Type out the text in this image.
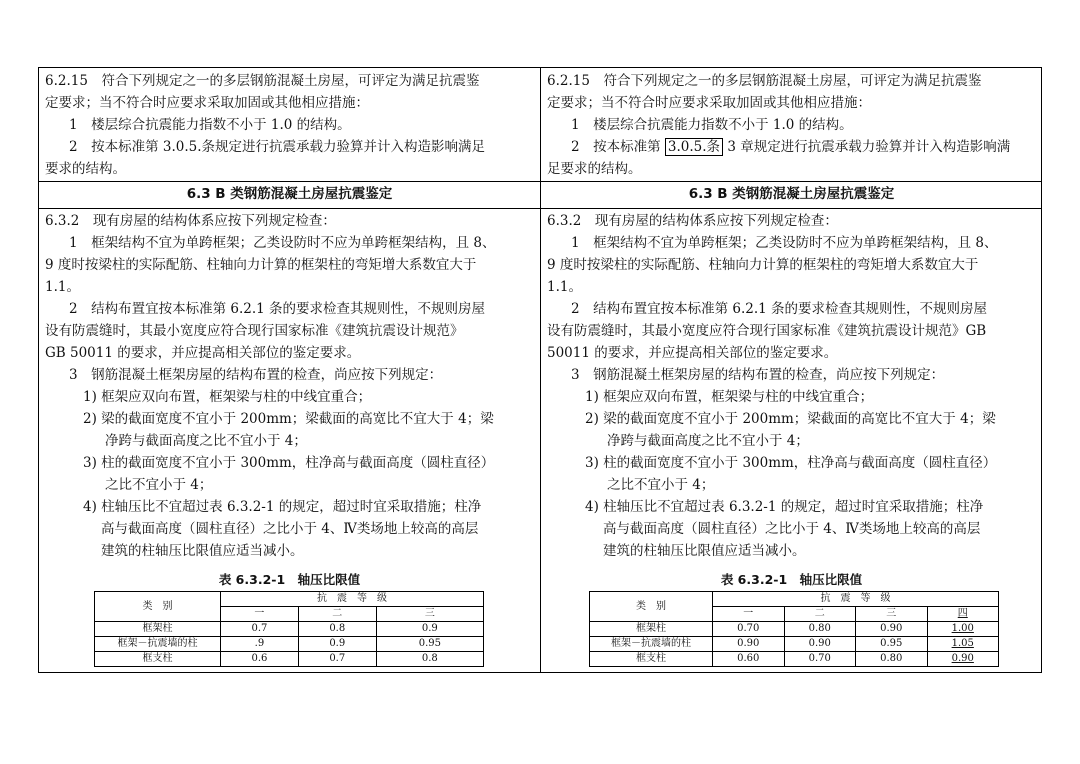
6.2.15　符合下列规定之一的多层钢筋混凝土房屋，可评定为满足抗震鉴
定要求；当不符合时应要求采取加固或其他相应措施：
1　楼层综合抗震能力指数不小于 1.0 的结构。
2　按本标准第 3.0.5.条规定进行抗震承载力验算并计入构造影响满足
要求的结构。
6.3 B 类钢筋混凝土房屋抗震鉴定
6.3.2　现有房屋的结构体系应按下列规定检查：
1　框架结构不宜为单跨框架；乙类设防时不应为单跨框架结构，且 8、
9 度时按梁柱的实际配筋、柱轴向力计算的框架柱的弯矩增大系数宜大于
1.1。
2　结构布置宜按本标准第 6.2.1 条的要求检查其规则性，不规则房屋
设有防震缝时，其最小宽度应符合现行国家标准《建筑抗震设计规范》
GB 50011 的要求，并应提高相关部位的鉴定要求。
3　钢筋混凝土框架房屋的结构布置的检查，尚应按下列规定：
1) 框架应双向布置，框架梁与柱的中线宜重合；
2) 梁的截面宽度不宜小于 200mm；梁截面的高宽比不宜大于 4；梁
净跨与截面高度之比不宜小于 4；
3) 柱的截面宽度不宜小于 300mm，柱净高与截面高度（圆柱直径）
之比不宜小于 4；
4) 柱轴压比不宜超过表 6.3.2-1 的规定，超过时宜采取措施；柱净
高与截面高度（圆柱直径）之比小于 4、Ⅳ类场地上较高的高层
建筑的柱轴压比限值应适当减小。
表 6.3.2-1　轴压比限值
类　别	抗　震　等　级		
	一	二	三
框架柱	0.7	0.8	0.9
框架－抗震墙的柱	.9	0.9	0.95
框支柱	0.6	0.7	0.8
6.2.15　符合下列规定之一的多层钢筋混凝土房屋，可评定为满足抗震鉴
定要求；当不符合时应要求采取加固或其他相应措施：
1　楼层综合抗震能力指数不小于 1.0 的结构。
2　按本标准第 3.0.5.条 3 章规定进行抗震承载力验算并计入构造影响满
足要求的结构。
6.3 B 类钢筋混凝土房屋抗震鉴定
6.3.2　现有房屋的结构体系应按下列规定检查：
1　框架结构不宜为单跨框架；乙类设防时不应为单跨框架结构，且 8、
9 度时按梁柱的实际配筋、柱轴向力计算的框架柱的弯矩增大系数宜大于
1.1。
2　结构布置宜按本标准第 6.2.1 条的要求检查其规则性，不规则房屋
设有防震缝时，其最小宽度应符合现行国家标准《建筑抗震设计规范》GB
50011 的要求，并应提高相关部位的鉴定要求。
3　钢筋混凝土框架房屋的结构布置的检查，尚应按下列规定：
1) 框架应双向布置，框架梁与柱的中线宜重合；
2) 梁的截面宽度不宜小于 200mm；梁截面的高宽比不宜大于 4；梁
净跨与截面高度之比不宜小于 4；
3) 柱的截面宽度不宜小于 300mm，柱净高与截面高度（圆柱直径）
之比不宜小于 4；
4) 柱轴压比不宜超过表 6.3.2-1 的规定，超过时宜采取措施；柱净
高与截面高度（圆柱直径）之比小于 4、Ⅳ类场地上较高的高层
建筑的柱轴压比限值应适当减小。
表 6.3.2-1　轴压比限值
类　别	抗　震　等　级			
	一	二	三	四
框架柱	0.70	0.80	0.90	1.00
框架－抗震墙的柱	0.90	0.90	0.95	1.05
框支柱	0.60	0.70	0.80	0.90
